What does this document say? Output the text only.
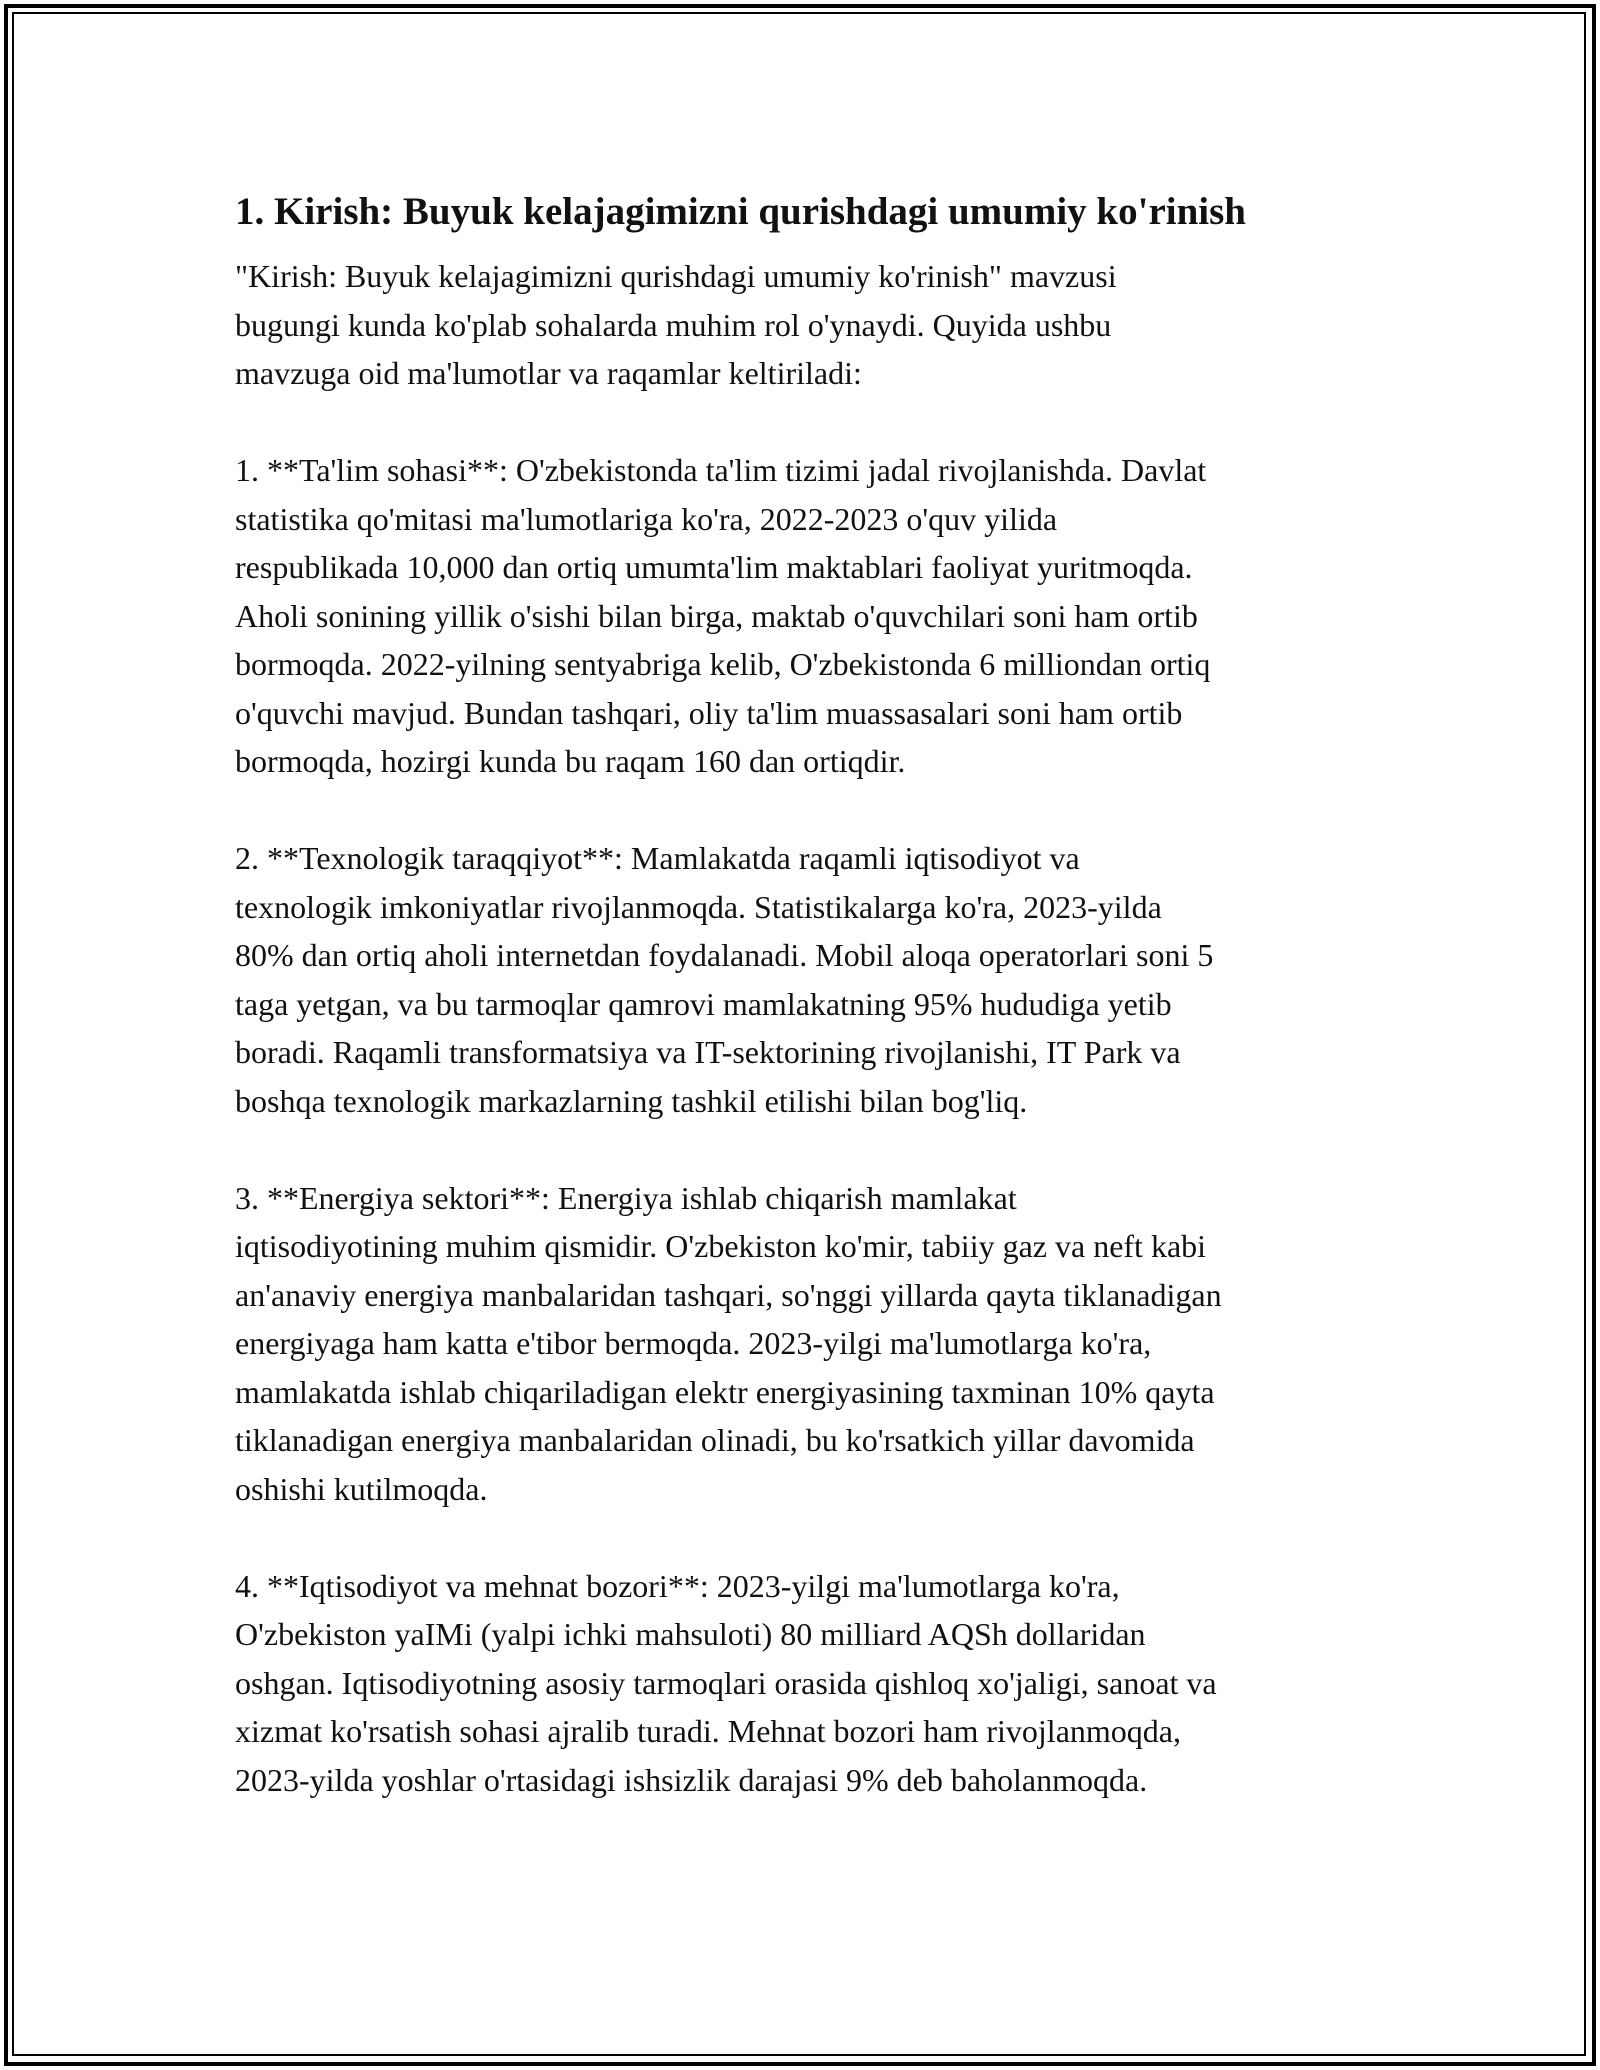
1. Kirish: Buyuk kelajagimizni qurishdagi umumiy ko'rinish

"Kirish: Buyuk kelajagimizni qurishdagi umumiy ko'rinish" mavzusi
bugungi kunda ko'plab sohalarda muhim rol o'ynaydi. Quyida ushbu
mavzuga oid ma'lumotlar va raqamlar keltiriladi:

1. **Ta'lim sohasi**: O'zbekistonda ta'lim tizimi jadal rivojlanishda. Davlat
statistika qo'mitasi ma'lumotlariga ko'ra, 2022-2023 o'quv yilida
respublikada 10,000 dan ortiq umumta'lim maktablari faoliyat yuritmoqda.
Aholi sonining yillik o'sishi bilan birga, maktab o'quvchilari soni ham ortib
bormoqda. 2022-yilning sentyabriga kelib, O'zbekistonda 6 milliondan ortiq
o'quvchi mavjud. Bundan tashqari, oliy ta'lim muassasalari soni ham ortib
bormoqda, hozirgi kunda bu raqam 160 dan ortiqdir.

2. **Texnologik taraqqiyot**: Mamlakatda raqamli iqtisodiyot va
texnologik imkoniyatlar rivojlanmoqda. Statistikalarga ko'ra, 2023-yilda
80% dan ortiq aholi internetdan foydalanadi. Mobil aloqa operatorlari soni 5
taga yetgan, va bu tarmoqlar qamrovi mamlakatning 95% hududiga yetib
boradi. Raqamli transformatsiya va IT-sektorining rivojlanishi, IT Park va
boshqa texnologik markazlarning tashkil etilishi bilan bog'liq.

3. **Energiya sektori**: Energiya ishlab chiqarish mamlakat
iqtisodiyotining muhim qismidir. O'zbekiston ko'mir, tabiiy gaz va neft kabi
an'anaviy energiya manbalaridan tashqari, so'nggi yillarda qayta tiklanadigan
energiyaga ham katta e'tibor bermoqda. 2023-yilgi ma'lumotlarga ko'ra,
mamlakatda ishlab chiqariladigan elektr energiyasining taxminan 10% qayta
tiklanadigan energiya manbalaridan olinadi, bu ko'rsatkich yillar davomida
oshishi kutilmoqda.

4. **Iqtisodiyot va mehnat bozori**: 2023-yilgi ma'lumotlarga ko'ra,
O'zbekiston yaIMi (yalpi ichki mahsuloti) 80 milliard AQSh dollaridan
oshgan. Iqtisodiyotning asosiy tarmoqlari orasida qishloq xo'jaligi, sanoat va
xizmat ko'rsatish sohasi ajralib turadi. Mehnat bozori ham rivojlanmoqda,
2023-yilda yoshlar o'rtasidagi ishsizlik darajasi 9% deb baholanmoqda.
